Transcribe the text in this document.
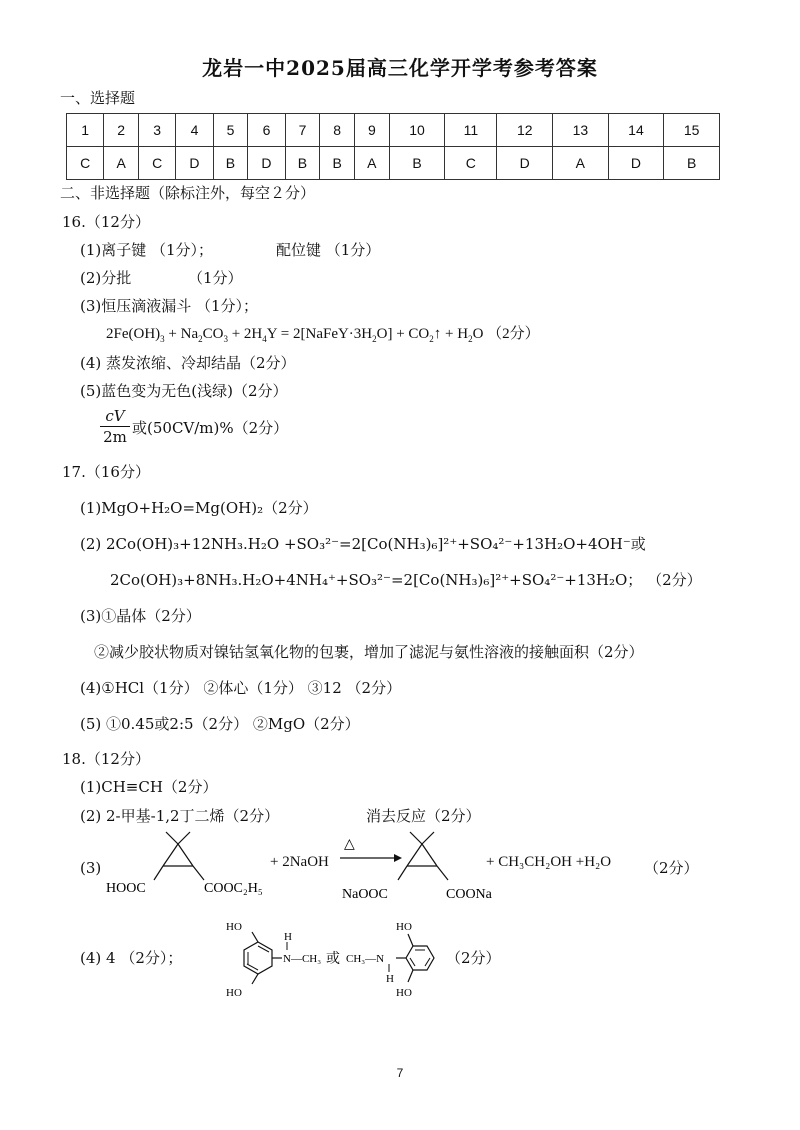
龙岩一中2025届高三化学开学考参考答案
一、选择题
1	2	3	4	5	6	7	8	9	10	11	12	13	14	15
C	A	C	D	B	D	B	B	A	B	C	D	A	D	B
二、非选择题（除标注外，每空２分）
16.（12分）
(1)离子键 （1分）；	配位键 （1分）
(2)分批	（1分）
(3)恒压滴液漏斗 （1分）；
$2Fe(OH)_3 + Na_2CO_3 + 2H_4Y$ = $2[NaFeY\cdot 3H_2O]$ + $CO_2↑ + H_2O$ （2分）
(4) 蒸发浓缩、冷却结晶（2分）
(5)蓝色变为无色(浅绿)（2分）
$\frac{cV}{2m}$ 或(50CV/m)%（2分）
17.（16分）
(1)MgO+H₂O=Mg(OH)₂（2分）
(2) 2Co(OH)₃+12NH₃.H₂O +SO₃²⁻=2[Co(NH₃)₆]²⁺+SO₄²⁻+13H₂O+4OH⁻或
2Co(OH)₃+8NH₃.H₂O+4NH₄⁺+SO₃²⁻=2[Co(NH₃)₆]²⁺+SO₄²⁻+13H₂O； （2分）
(3)①晶体（2分）
②减少胶状物质对镍钴氢氧化物的包裹，增加了滤泥与氨性溶液的接触面积（2分）
(4)①HCl（1分） ②体心（1分） ③12 （2分）
(5) ①0.45或2:5（2分） ②MgO（2分）
18.（12分）
(1)CH≡CH（2分）
(2) 2-甲基-1,2丁二烯（2分）	消去反应（2分）
(3)
HOOC	COOC₂H₅
+ 2NaOH
△
NaOOC	COONa
+ CH₃CH₂OH +H₂O （2分）
(4) 4 （2分）；
HO
HO
H
N—CH₃ 或 CH₃—N
H
HO
HO
（2分）
7
